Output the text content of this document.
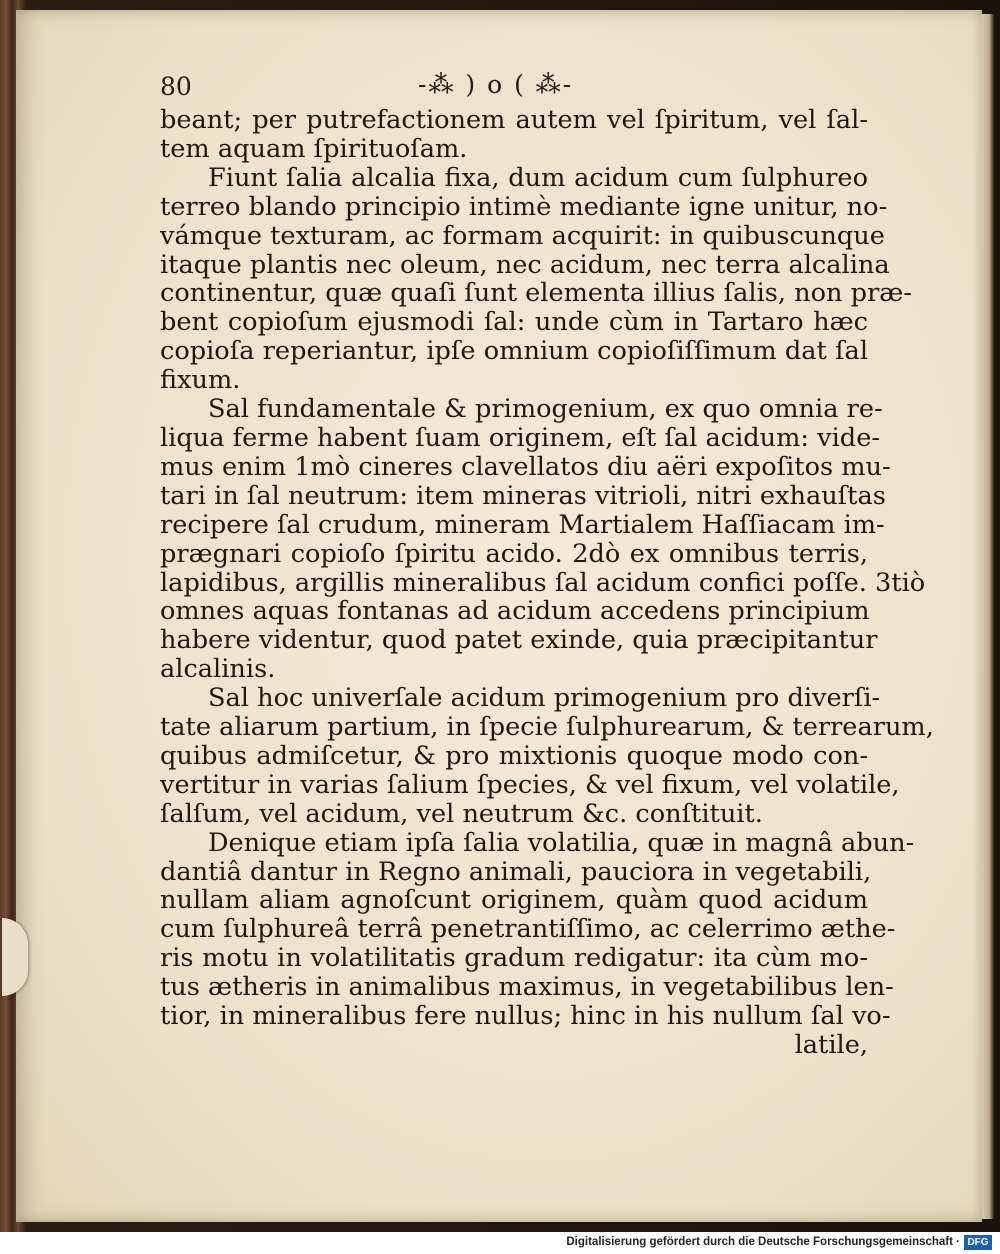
80	-⁂ ) o ( ⁂-
beant; per putrefactionem autem vel ſpiritum, vel ſal-
tem aquam ſpirituoſam.
Fiunt ſalia alcalia fixa, dum acidum cum ſulphureo
terreo blando principio intimè mediante igne unitur, no-
vámque texturam, ac formam acquirit: in quibuscunque
itaque plantis nec oleum, nec acidum, nec terra alcalina
continentur, quæ quaſi ſunt elementa illius ſalis, non præ-
bent copioſum ejusmodi ſal: unde cùm in Tartaro hæc
copioſa reperiantur, ipſe omnium copioſiſſimum dat ſal
fixum.
Sal fundamentale & primogenium, ex quo omnia re-
liqua ferme habent ſuam originem, eſt ſal acidum: vide-
mus enim 1mò cineres clavellatos diu aëri expoſitos mu-
tari in ſal neutrum: item mineras vitrioli, nitri exhauſtas
recipere ſal crudum, mineram Martialem Haſſiacam im-
prægnari copioſo ſpiritu acido. 2dò ex omnibus terris,
lapidibus, argillis mineralibus ſal acidum confici poſſe. 3tiò
omnes aquas fontanas ad acidum accedens principium
habere videntur, quod patet exinde, quia præcipitantur
alcalinis.
Sal hoc univerſale acidum primogenium pro diverſi-
tate aliarum partium, in ſpecie ſulphurearum, & terrearum,
quibus admiſcetur, & pro mixtionis quoque modo con-
vertitur in varias ſalium ſpecies, & vel fixum, vel volatile,
ſalſum, vel acidum, vel neutrum &c. conſtituit.
Denique etiam ipſa ſalia volatilia, quæ in magnâ abun-
dantiâ dantur in Regno animali, pauciora in vegetabili,
nullam aliam agnoſcunt originem, quàm quod acidum
cum ſulphureâ terrâ penetrantiſſimo, ac celerrimo æthe-
ris motu in volatilitatis gradum redigatur: ita cùm mo-
tus ætheris in animalibus maximus, in vegetabilibus len-
tior, in mineralibus fere nullus; hinc in his nullum ſal vo-
latile,
Digitalisierung gefördert durch die Deutsche Forschungsgemeinschaft · DFG
